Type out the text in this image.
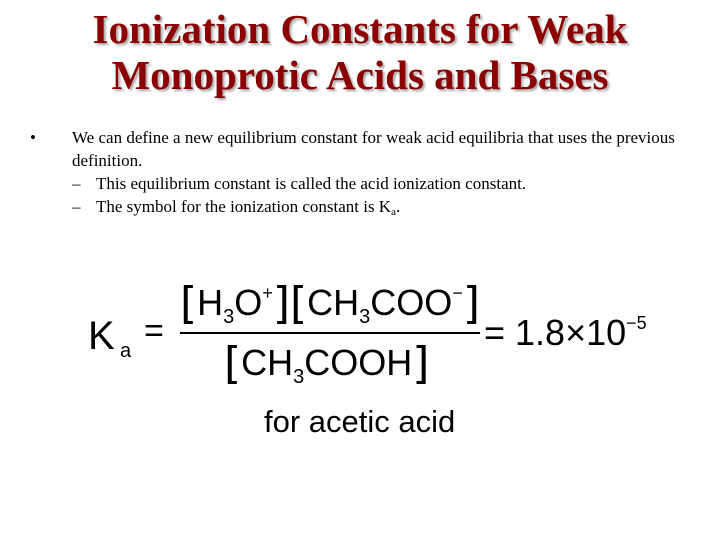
Ionization Constants for Weak
Monoprotic Acids and Bases
• We can define a new equilibrium constant for weak acid equilibria that uses the previous definition.
– This equilibrium constant is called the acid ionization constant.
– The symbol for the ionization constant is $K_a$.
K a
=
$[H_3O^+][CH_3COO^-]$
$[CH_3COOH]$
= $1.8\times 10^{-5}$
for acetic acid
